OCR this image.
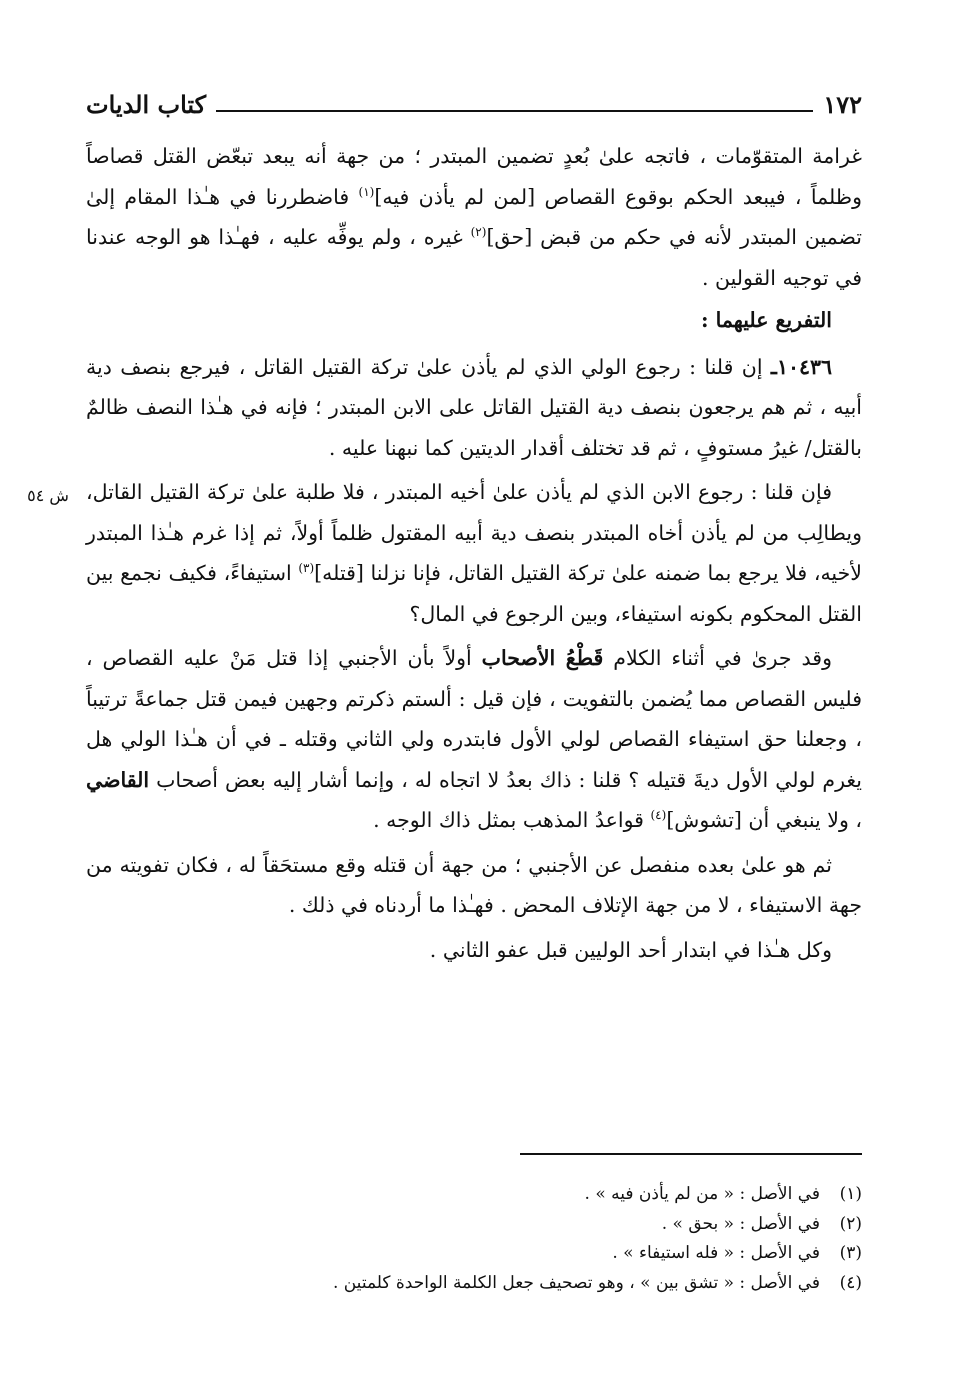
١٧٢
كتاب الديات
ش ٥٤

غرامة المتقوّمات ، فاتجه علىٰ بُعدٍ تضمين المبتدر ؛ من جهة أنه يبعد تبعّض القتل قصاصاً وظلماً ، فيبعد الحكم بوقوع القصاص [لمن لم يأذن فيه]$^{(١)}$ فاضطررنا في هـٰذا المقام إلىٰ تضمين المبتدر لأنه في حكم من قبض [حق]$^{(٢)}$ غيره ، ولم يوفِّه عليه ، فهـٰذا هو الوجه عندنا في توجيه القولين .

التفريع عليهما :

١٠٤٣٦ـ إن قلنا : رجوع الولي الذي لم يأذن علىٰ تركة القتيل القاتل ، فيرجع بنصف دية أبيه ، ثم هم يرجعون بنصف دية القتيل القاتل على الابن المبتدر ؛ فإنه في هـٰذا النصف ظالمٌ بالقتل/ غيرُ مستوفٍ ، ثم قد تختلف أقدار الديتين كما نبهنا عليه .

فإن قلنا : رجوع الابن الذي لم يأذن علىٰ أخيه المبتدر ، فلا طلبة علىٰ تركة القتيل القاتل، ويطالِب من لم يأذن أخاه المبتدر بنصف دية أبيه المقتول ظلماً أولاً، ثم إذا غرم هـٰذا المبتدر لأخيه، فلا يرجع بما ضمنه علىٰ تركة القتيل القاتل، فإنا نزلنا [قتله]$^{(٣)}$ استيفاءً، فكيف نجمع بين القتل المحكوم بكونه استيفاء، وبين الرجوع في المال؟

وقد جرىٰ في أثناء الكلام قَطْعُ الأصحاب أولاً بأن الأجنبي إذا قتل مَنْ عليه القصاص ، فليس القصاص مما يُضمن بالتفويت ، فإن قيل : ألستم ذكرتم وجهين فيمن قتل جماعةً ترتيباً ، وجعلنا حق استيفاء القصاص لولي الأول فابتدره ولي الثاني وقتله ـ في أن هـٰذا الولي هل يغرم لولي الأول ديةَ قتيله ؟ قلنا : ذاك بعدُ لا اتجاه له ، وإنما أشار إليه بعض أصحاب القاضي ، ولا ينبغي أن [تشوش]$^{(٤)}$ قواعدُ المذهب بمثل ذاك الوجه .

ثم هو علىٰ بعده منفصل عن الأجنبي ؛ من جهة أن قتله وقع مستحَقاً له ، فكان تفويته من جهة الاستيفاء ، لا من جهة الإتلاف المحض . فهـٰذا ما أردناه في ذلك .

وكل هـٰذا في ابتدار أحد الوليين قبل عفو الثاني .

(١)
في الأصل : « من لم يأذن فيه » .
(٢)
في الأصل : « بحق » .
(٣)
في الأصل : « فله استيفاء » .
(٤)
في الأصل : « تشق بين » ، وهو تصحيف جعل الكلمة الواحدة كلمتين .
